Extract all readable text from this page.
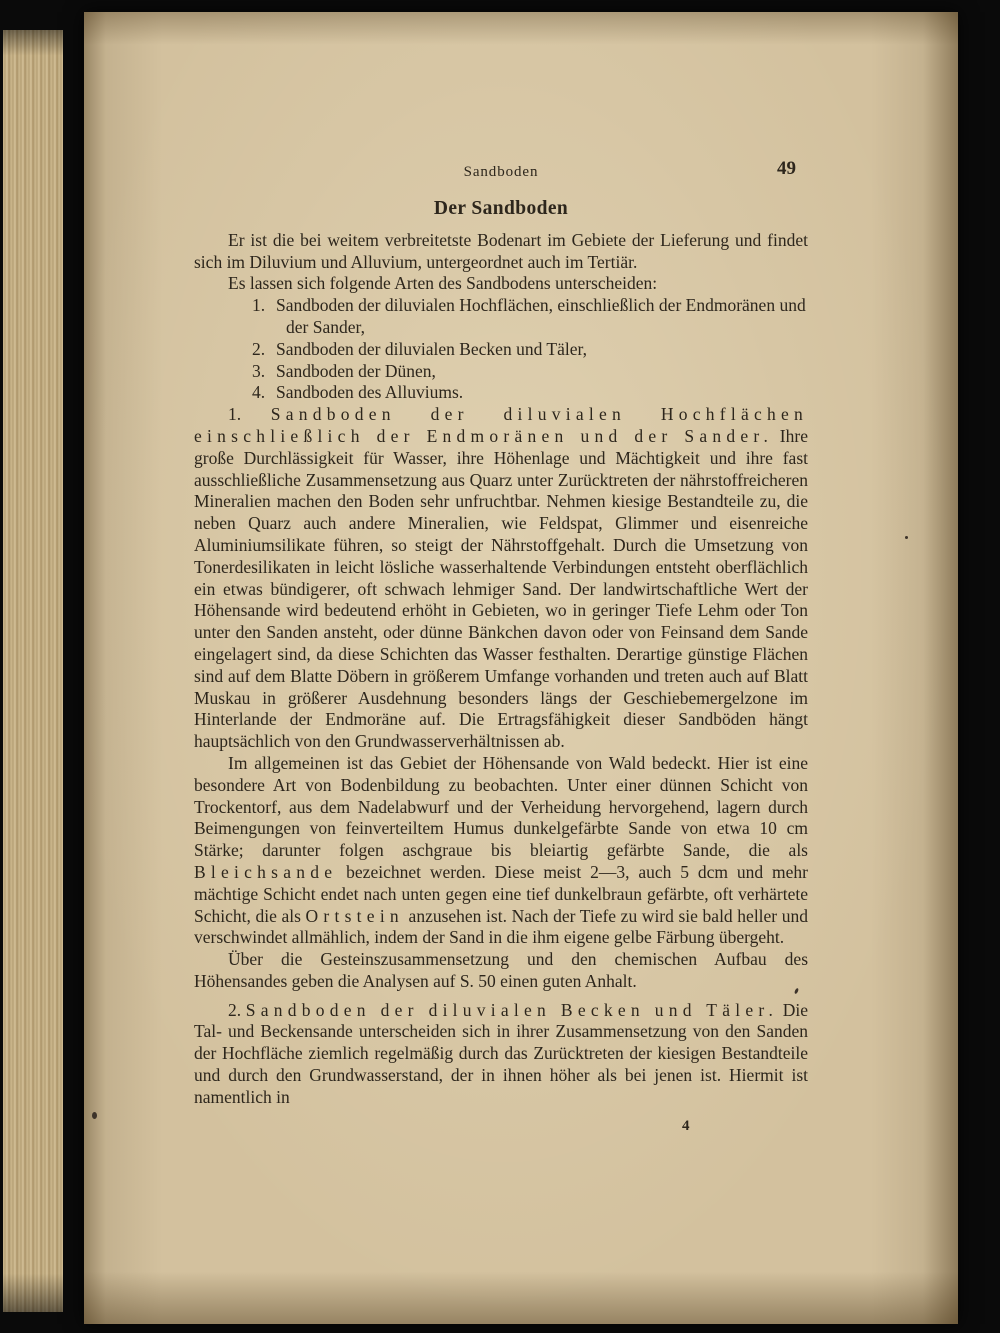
Sandboden	49
Der Sandboden

Er ist die bei weitem verbreitetste Bodenart im Gebiete der Lieferung und findet sich im Diluvium und Alluvium, untergeordnet auch im Tertiär.

Es lassen sich folgende Arten des Sandbodens unterscheiden:

1. Sandboden der diluvialen Hochflächen, einschließlich der Endmoränen und der Sander,
2. Sandboden der diluvialen Becken und Täler,
3. Sandboden der Dünen,
4. Sandboden des Alluviums.

1. Sandboden der diluvialen Hochflächen einschließlich der Endmoränen und der Sander. Ihre große Durchlässigkeit für Wasser, ihre Höhenlage und Mächtigkeit und ihre fast ausschließliche Zusammensetzung aus Quarz unter Zurücktreten der nährstoffreicheren Mineralien machen den Boden sehr unfruchtbar. Nehmen kiesige Bestandteile zu, die neben Quarz auch andere Mineralien, wie Feldspat, Glimmer und eisenreiche Aluminiumsilikate führen, so steigt der Nährstoffgehalt. Durch die Umsetzung von Tonerdesilikaten in leicht lösliche wasserhaltende Verbindungen entsteht oberflächlich ein etwas bündigerer, oft schwach lehmiger Sand. Der landwirtschaftliche Wert der Höhensande wird bedeutend erhöht in Gebieten, wo in geringer Tiefe Lehm oder Ton unter den Sanden ansteht, oder dünne Bänkchen davon oder von Feinsand dem Sande eingelagert sind, da diese Schichten das Wasser festhalten. Derartige günstige Flächen sind auf dem Blatte Döbern in größerem Umfange vorhanden und treten auch auf Blatt Muskau in größerer Ausdehnung besonders längs der Geschiebemergelzone im Hinterlande der Endmoräne auf. Die Ertragsfähigkeit dieser Sandböden hängt hauptsächlich von den Grundwasserverhältnissen ab.

Im allgemeinen ist das Gebiet der Höhensande von Wald bedeckt. Hier ist eine besondere Art von Bodenbildung zu beobachten. Unter einer dünnen Schicht von Trockentorf, aus dem Nadelabwurf und der Verheidung hervorgehend, lagern durch Beimengungen von feinverteiltem Humus dunkelgefärbte Sande von etwa 10 cm Stärke; darunter folgen aschgraue bis bleiartig gefärbte Sande, die als Bleichsande bezeichnet werden. Diese meist 2—3, auch 5 dcm und mehr mächtige Schicht endet nach unten gegen eine tief dunkelbraun gefärbte, oft verhärtete Schicht, die als Ortstein anzusehen ist. Nach der Tiefe zu wird sie bald heller und verschwindet allmählich, indem der Sand in die ihm eigene gelbe Färbung übergeht.

Über die Gesteinszusammensetzung und den chemischen Aufbau des Höhensandes geben die Analysen auf S. 50 einen guten Anhalt.

2. Sandboden der diluvialen Becken und Täler. Die Tal- und Beckensande unterscheiden sich in ihrer Zusammensetzung von den Sanden der Hochfläche ziemlich regelmäßig durch das Zurücktreten der kiesigen Bestandteile und durch den Grundwasserstand, der in ihnen höher als bei jenen ist. Hiermit ist namentlich in

4
